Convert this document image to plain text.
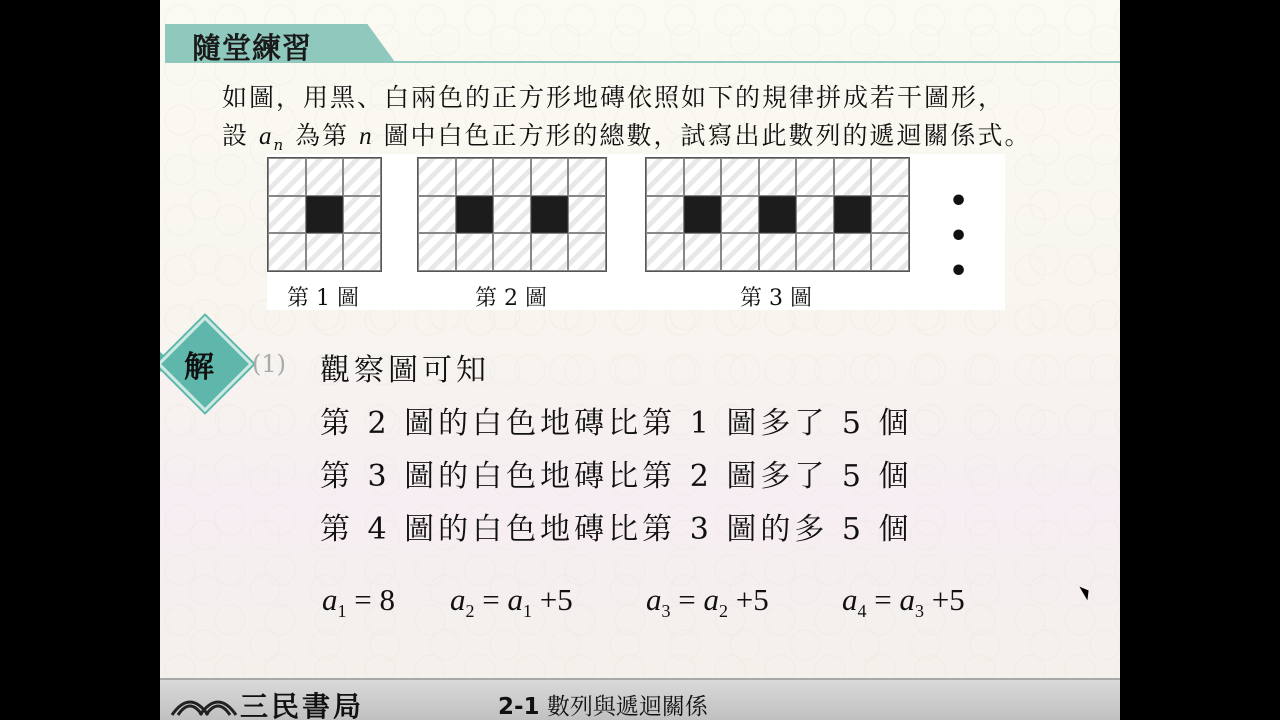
隨堂練習
如圖，用黑、白兩色的正方形地磚依照如下的規律拼成若干圖形，
設 $a_n$ 為第 n 圖中白色正方形的總數，試寫出此數列的遞迴關係式。
第 1 圖	第 2 圖	第 3 圖
• • •
解 (1) 觀察圖可知
第 2 圖的白色地磚比第 1 圖多了 5 個
第 3 圖的白色地磚比第 2 圖多了 5 個
第 4 圖的白色地磚比第 3 圖的多 5 個
$a_1 = 8$ $a_2 = a_1 +5$ $a_3 = a_2 +5$ $a_4 = a_3 +5$
三民書局	2-1 數列與遞迴關係
